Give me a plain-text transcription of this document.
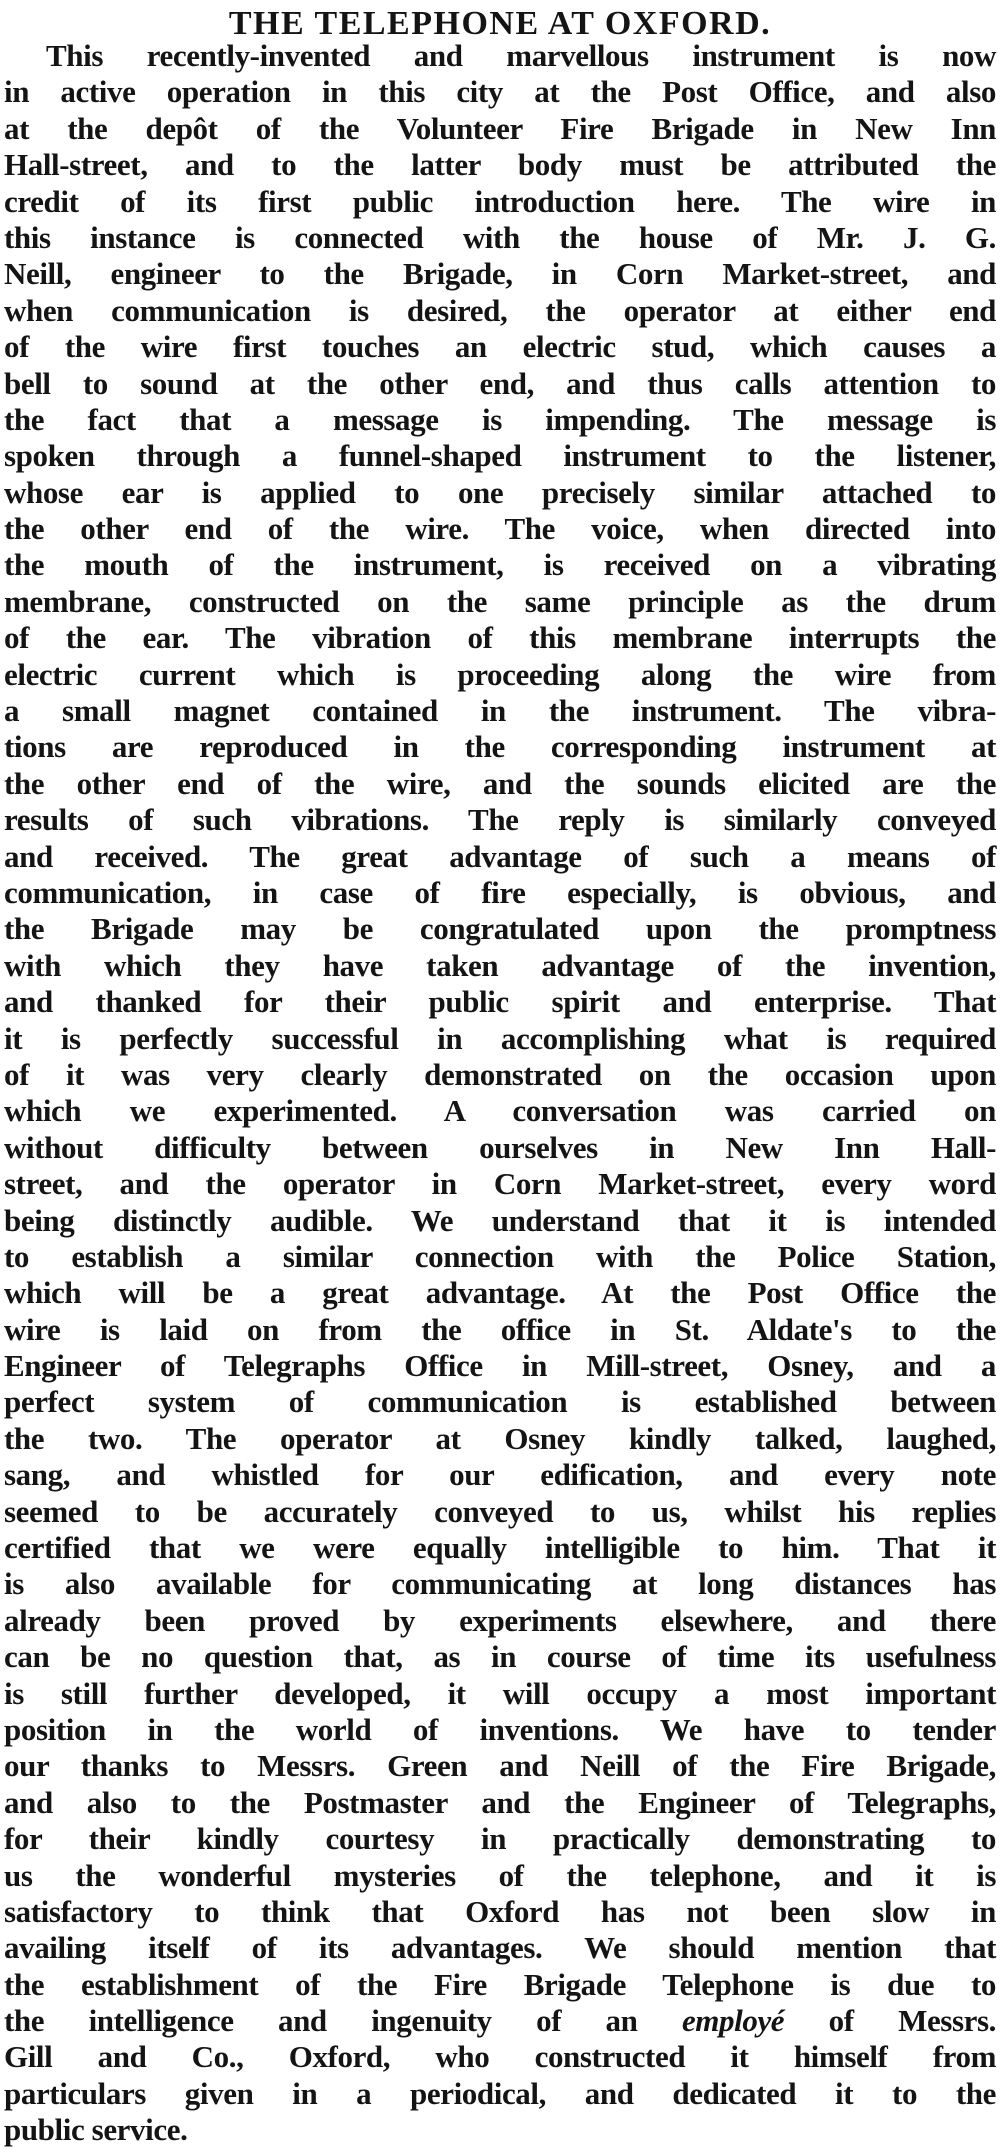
THE TELEPHONE AT OXFORD.
This recently-invented and marvellous instrument is now
in active operation in this city at the Post Office, and also
at the depôt of the Volunteer Fire Brigade in New Inn
Hall-street, and to the latter body must be attributed the
credit of its first public introduction here. The wire in
this instance is connected with the house of Mr. J. G.
Neill, engineer to the Brigade, in Corn Market-street, and
when communication is desired, the operator at either end
of the wire first touches an electric stud, which causes a
bell to sound at the other end, and thus calls attention to
the fact that a message is impending. The message is
spoken through a funnel-shaped instrument to the listener,
whose ear is applied to one precisely similar attached to
the other end of the wire. The voice, when directed into
the mouth of the instrument, is received on a vibrating
membrane, constructed on the same principle as the drum
of the ear. The vibration of this membrane interrupts the
electric current which is proceeding along the wire from
a small magnet contained in the instrument. The vibra-
tions are reproduced in the corresponding instrument at
the other end of the wire, and the sounds elicited are the
results of such vibrations. The reply is similarly conveyed
and received. The great advantage of such a means of
communication, in case of fire especially, is obvious, and
the Brigade may be congratulated upon the promptness
with which they have taken advantage of the invention,
and thanked for their public spirit and enterprise. That
it is perfectly successful in accomplishing what is required
of it was very clearly demonstrated on the occasion upon
which we experimented. A conversation was carried on
without difficulty between ourselves in New Inn Hall-
street, and the operator in Corn Market-street, every word
being distinctly audible. We understand that it is intended
to establish a similar connection with the Police Station,
which will be a great advantage. At the Post Office the
wire is laid on from the office in St. Aldate's to the
Engineer of Telegraphs Office in Mill-street, Osney, and a
perfect system of communication is established between
the two. The operator at Osney kindly talked, laughed,
sang, and whistled for our edification, and every note
seemed to be accurately conveyed to us, whilst his replies
certified that we were equally intelligible to him. That it
is also available for communicating at long distances has
already been proved by experiments elsewhere, and there
can be no question that, as in course of time its usefulness
is still further developed, it will occupy a most important
position in the world of inventions. We have to tender
our thanks to Messrs. Green and Neill of the Fire Brigade,
and also to the Postmaster and the Engineer of Telegraphs,
for their kindly courtesy in practically demonstrating to
us the wonderful mysteries of the telephone, and it is
satisfactory to think that Oxford has not been slow in
availing itself of its advantages. We should mention that
the establishment of the Fire Brigade Telephone is due to
the intelligence and ingenuity of an employé of Messrs.
Gill and Co., Oxford, who constructed it himself from
particulars given in a periodical, and dedicated it to the
public service.
